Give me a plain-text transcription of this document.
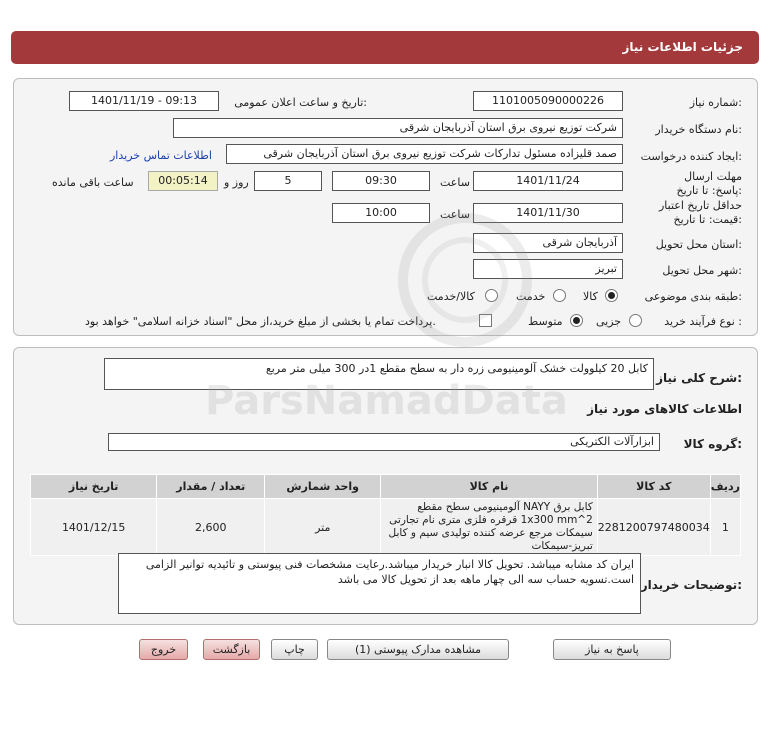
جزئیات اطلاعات نیاز
شماره نیاز:
1101005090000226
تاریخ و ساعت اعلان عمومی:
1401/11/19 - 09:13
نام دستگاه خریدار:
شرکت توزیع نیروی برق استان آذربایجان شرقی
ایجاد کننده درخواست:
صمد قلیزاده مسئول تدارکات شرکت توزیع نیروی برق استان آذربایجان شرقی
اطلاعات تماس خریدار
مهلت ارسال پاسخ: تا تاریخ:
1401/11/24
ساعت
09:30
5
روز و
00:05:14
ساعت باقی مانده
حداقل تاریخ اعتبار قیمت: تا تاریخ:
1401/11/30
ساعت
10:00
استان محل تحویل:
آذربایجان شرقی
شهر محل تحویل:
تبریز
طبقه بندی موضوعی:
کالا
خدمت
کالا/خدمت
نوع فرآیند خرید :
جزیی
متوسط
پرداخت تمام یا بخشی از مبلغ خرید،از محل "اسناد خزانه اسلامی" خواهد بود.
شرح کلی نیاز:
کابل 20 کیلوولت خشک آلومینیومی زره دار به سطح مقطع 1در 300 میلی متر مربع
اطلاعات کالاهای مورد نیاز
گروه کالا:
ابزارآلات الکتریکی
ردیف	کد کالا	نام کالا	واحد شمارش	تعداد / مقدار	تاریخ نیاز
1	2281200797480034	کابل برق NAYY آلومینیومی سطح مقطع 2^1x300 mm قرقره فلزی متری نام تجارتی سیمکات مرجع عرضه کننده تولیدی سیم و کابل تبریز-سیمکات	متر	2,600	1401/12/15
توضیحات خریدار:
ایران کد مشابه میباشد. تحویل کالا انبار خریدار میباشد.رعایت مشخصات فنی پیوستی و تائیدیه توانیر الزامی است.تسویه حساب سه الی چهار ماهه بعد از تحویل کالا می باشد
پاسخ به نیاز
مشاهده مدارک پیوستی (1)
چاپ
بازگشت
خروج
ParsNamadData
